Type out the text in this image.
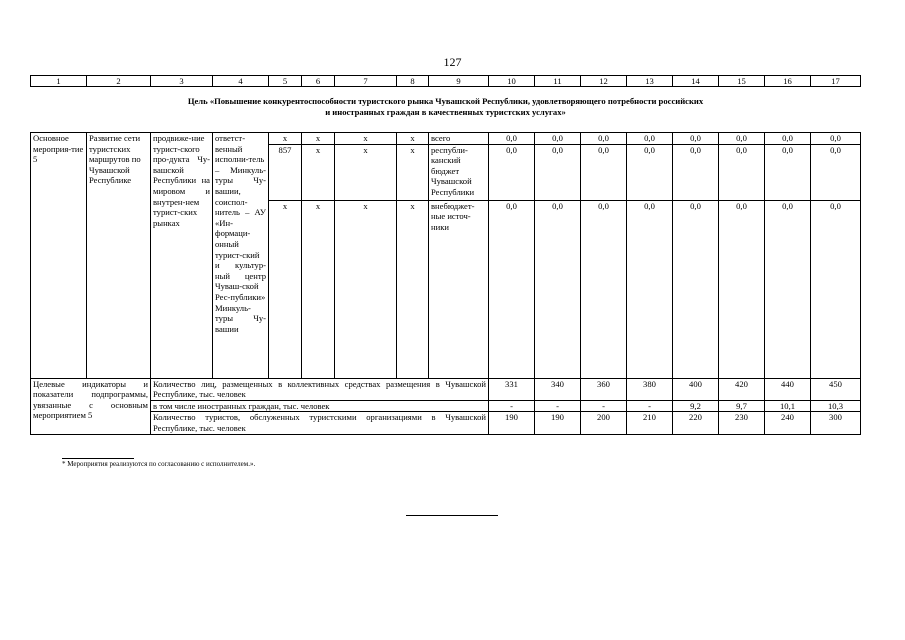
127
1	2	3	4	5	6	7	8	9	10	11	12	13	14	15	16	17
Цель «Повышение конкурентоспособности туристского рынка Чувашской Республики, удовлетворяющего потребности российских
и иностранных граждан в качественных туристских услугах»																
Основное мероприя-тие 5	Развитие сети туристских маршрутов по Чувашской Республике	продвиже-ние турист-ского про-дукта Чу-вашской Республики на мировом и внутрен-нем турист-ских рынках	ответст-венный исполни-тель – Минкуль-туры Чу-вашии, соиспол-нитель – АУ «Ин-формаци-онный турист-ский и культур-ный центр Чуваш-ской Рес-публики» Минкуль-туры Чу-вашии	x	x	x	x	всего	0,0	0,0	0,0	0,0	0,0	0,0	0,0	0,0
				857	x	x	x	республи-канский бюджет Чувашской Республики	0,0	0,0	0,0	0,0	0,0	0,0	0,0	0,0
				x	x	x	x	внебюджет-ные источ-ники	0,0	0,0	0,0	0,0	0,0	0,0	0,0	0,0
Целевые индикаторы и показатели подпрограммы, увязанные с основным мероприятием 5		Количество лиц, размещенных в коллективных средствах размещения в Чувашской Республике, тыс. человек							331	340	360	380	400	420	440	450
		в том числе иностранных граждан, тыс. человек							-	-	-	-	9,2	9,7	10,1	10,3
		Количество туристов, обслуженных туристскими организациями в Чувашской Республике, тыс. человек							190	190	200	210	220	230	240	300
* Мероприятия реализуются по согласованию с исполнителем.».
